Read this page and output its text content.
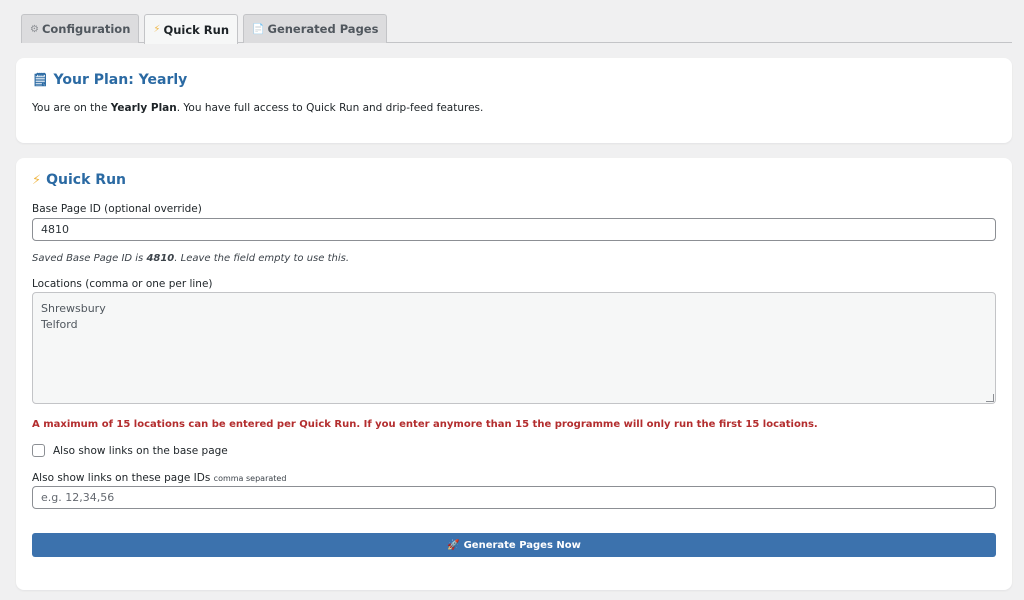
⚙ Configuration ⚡ Quick Run 📄 Generated Pages
🗒 Your Plan: Yearly
You are on the Yearly Plan. You have full access to Quick Run and drip-feed features.
⚡ Quick Run
Base Page ID (optional override)
4810
Saved Base Page ID is 4810. Leave the field empty to use this.
Locations (comma or one per line)
Shrewsbury Telford
A maximum of 15 locations can be entered per Quick Run. If you enter anymore than 15 the programme will only run the first 15 locations.
Also show links on the base page
Also show links on these page IDs comma separated
e.g. 12,34,56
🚀 Generate Pages Now
